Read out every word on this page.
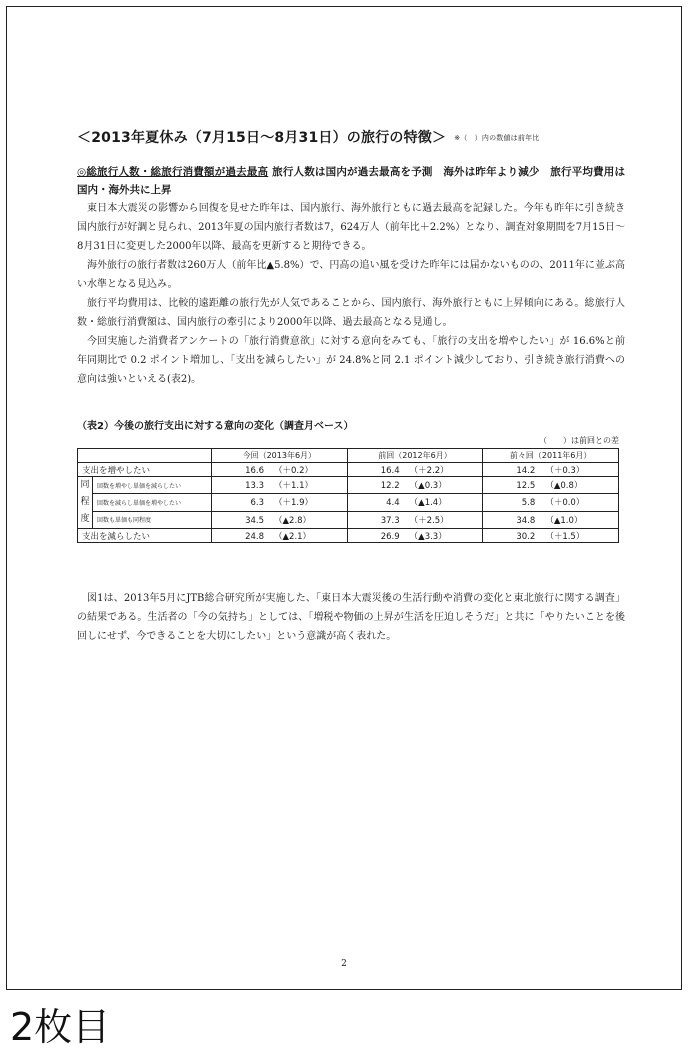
＜2013年夏休み（7月15日～8月31日）の旅行の特徴＞ ※（　）内の数値は前年比
◎総旅行人数・総旅行消費額が過去最高 旅行人数は国内が過去最高を予測　海外は昨年より減少　旅行平均費用は国内・海外共に上昇

東日本大震災の影響から回復を見せた昨年は、国内旅行、海外旅行ともに過去最高を記録した。今年も昨年に引き続き国内旅行が好調と見られ、2013年夏の国内旅行者数は7，624万人（前年比＋2.2%）となり、調査対象期間を7月15日～8月31日に変更した2000年以降、最高を更新すると期待できる。

海外旅行の旅行者数は260万人（前年比▲5.8%）で、円高の追い風を受けた昨年には届かないものの、2011年に並ぶ高い水準となる見込み。

旅行平均費用は、比較的遠距離の旅行先が人気であることから、国内旅行、海外旅行ともに上昇傾向にある。総旅行人数・総旅行消費額は、国内旅行の牽引により2000年以降、過去最高となる見通し。

今回実施した消費者アンケートの「旅行消費意欲」に対する意向をみても、「旅行の支出を増やしたい」が 16.6%と前年同期比で 0.2 ポイント増加し、「支出を減らしたい」が 24.8%と同 2.1 ポイント減少しており、引き続き旅行消費への意向は強いといえる(表2)。

（表2）今後の旅行支出に対する意向の変化（調査月ベース）
（　　）は前回との差
		今回（2013年6月）	前回（2012年6月）	前々回（2011年6月）
支出を増やしたい		16.6 （＋0.2）	16.4 （＋2.2）	14.2 （＋0.3）

同
程
度	回数を増やし単価を減らしたい	13.3 （＋1.1）	12.2 （▲0.3）	12.5 （▲0.8）
	回数を減らし単価を増やしたい	6.3 （＋1.9）	4.4 （▲1.4）	5.8 （＋0.0）
	回数も単価も同程度	34.5 （▲2.8）	37.3 （＋2.5）	34.8 （▲1.0）
支出を減らしたい		24.8 （▲2.1）	26.9 （▲3.3）	30.2 （＋1.5）

図1は、2013年5月にJTB総合研究所が実施した、「東日本大震災後の生活行動や消費の変化と東北旅行に関する調査」の結果である。生活者の「今の気持ち」としては、「増税や物価の上昇が生活を圧迫しそうだ」と共に「やりたいことを後回しにせず、今できることを大切にしたい」という意識が高く表れた。

2
2枚目
